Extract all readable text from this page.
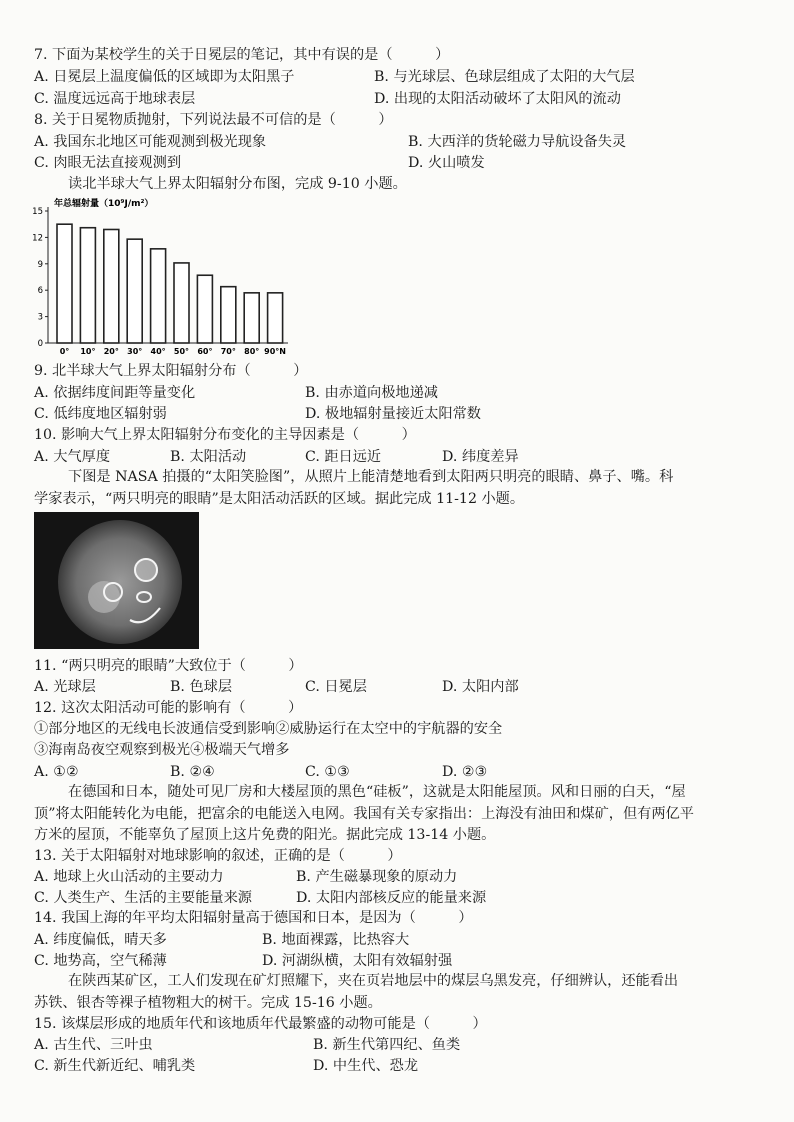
7. 下面为某校学生的关于日冕层的笔记，其中有误的是（　　　）
A. 日冕层上温度偏低的区域即为太阳黑子	B. 与光球层、色球层组成了太阳的大气层
C. 温度远远高于地球表层	D. 出现的太阳活动破坏了太阳风的流动
8. 关于日冕物质抛射，下列说法最不可信的是（　　　）
A. 我国东北地区可能观测到极光现象	B. 大西洋的货轮磁力导航设备失灵
C. 肉眼无法直接观测到	D. 火山喷发
读北半球大气上界太阳辐射分布图，完成 9-10 小题。
年总辐射量（10⁹J/m²）
15
12
9
6
3
0
0° 10° 20° 30° 40° 50° 60° 70° 80° 90°N
9. 北半球大气上界太阳辐射分布（　　　）
A. 依据纬度间距等量变化	B. 由赤道向极地递减
C. 低纬度地区辐射弱	D. 极地辐射量接近太阳常数
10. 影响大气上界太阳辐射分布变化的主导因素是（　　　）
A. 大气厚度	B. 太阳活动	C. 距日远近	D. 纬度差异
下图是 NASA 拍摄的“太阳笑脸图”，从照片上能清楚地看到太阳两只明亮的眼睛、鼻子、嘴。科
学家表示，“两只明亮的眼睛”是太阳活动活跃的区域。据此完成 11-12 小题。
11. “两只明亮的眼睛”大致位于（　　　）
A. 光球层	B. 色球层	C. 日冕层	D. 太阳内部
12. 这次太阳活动可能的影响有（　　　）
①部分地区的无线电长波通信受到影响②威胁运行在太空中的宇航器的安全
③海南岛夜空观察到极光④极端天气增多
A. ①②	B. ②④	C. ①③	D. ②③
在德国和日本，随处可见厂房和大楼屋顶的黑色“硅板”，这就是太阳能屋顶。风和日丽的白天，“屋
顶”将太阳能转化为电能，把富余的电能送入电网。我国有关专家指出：上海没有油田和煤矿，但有两亿平
方米的屋顶，不能辜负了屋顶上这片免费的阳光。据此完成 13-14 小题。
13. 关于太阳辐射对地球影响的叙述，正确的是（　　　）
A. 地球上火山活动的主要动力	B. 产生磁暴现象的原动力
C. 人类生产、生活的主要能量来源	D. 太阳内部核反应的能量来源
14. 我国上海的年平均太阳辐射量高于德国和日本，是因为（　　　）
A. 纬度偏低，晴天多	B. 地面裸露，比热容大
C. 地势高，空气稀薄	D. 河湖纵横，太阳有效辐射强
在陕西某矿区，工人们发现在矿灯照耀下，夹在页岩地层中的煤层乌黑发亮，仔细辨认，还能看出
苏铁、银杏等裸子植物粗大的树干。完成 15-16 小题。
15. 该煤层形成的地质年代和该地质年代最繁盛的动物可能是（　　　）
A. 古生代、三叶虫	B. 新生代第四纪、鱼类
C. 新生代新近纪、哺乳类	D. 中生代、恐龙
